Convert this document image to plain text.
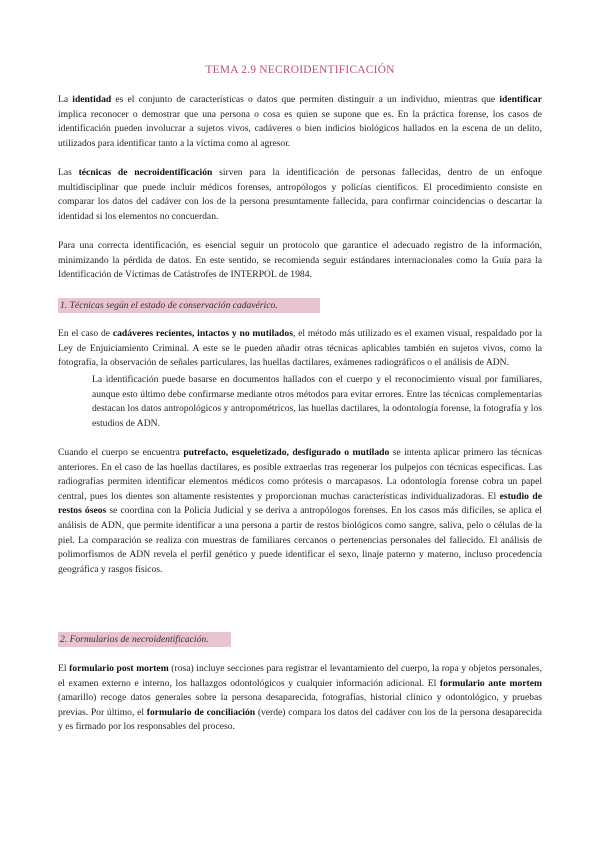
TEMA 2.9 NECROIDENTIFICACIÓN

La identidad es el conjunto de características o datos que permiten distinguir a un individuo, mientras que identificar implica reconocer o demostrar que una persona o cosa es quien se supone que es. En la práctica forense, los casos de identificación pueden involucrar a sujetos vivos, cadáveres o bien indicios biológicos hallados en la escena de un delito, utilizados para identificar tanto a la víctima como al agresor.

Las técnicas de necroidentificación sirven para la identificación de personas fallecidas, dentro de un enfoque multidisciplinar que puede incluir médicos forenses, antropólogos y policías científicos. El procedimiento consiste en comparar los datos del cadáver con los de la persona presuntamente fallecida, para confirmar coincidencias o descartar la identidad si los elementos no concuerdan.

Para una correcta identificación, es esencial seguir un protocolo que garantice el adecuado registro de la información, minimizando la pérdida de datos. En este sentido, se recomienda seguir estándares internacionales como la Guía para la Identificación de Víctimas de Catástrofes de INTERPOL de 1984.

1. Técnicas según el estado de conservación cadavérico.

En el caso de cadáveres recientes, intactos y no mutilados, el método más utilizado es el examen visual, respaldado por la Ley de Enjuiciamiento Criminal. A este se le pueden añadir otras técnicas aplicables también en sujetos vivos, como la fotografía, la observación de señales particulares, las huellas dactilares, exámenes radiográficos o el análisis de ADN.

La identificación puede basarse en documentos hallados con el cuerpo y el reconocimiento visual por familiares, aunque esto último debe confirmarse mediante otros métodos para evitar errores. Entre las técnicas complementarias destacan los datos antropológicos y antropométricos, las huellas dactilares, la odontología forense, la fotografía y los estudios de ADN.

Cuando el cuerpo se encuentra putrefacto, esqueletizado, desfigurado o mutilado se intenta aplicar primero las técnicas anteriores. En el caso de las huellas dactilares, es posible extraerlas tras regenerar los pulpejos con técnicas específicas. Las radiografías permiten identificar elementos médicos como prótesis o marcapasos. La odontología forense cobra un papel central, pues los dientes son altamente resistentes y proporcionan muchas características individualizadoras. El estudio de restos óseos se coordina con la Policía Judicial y se deriva a antropólogos forenses. En los casos más difíciles, se aplica el análisis de ADN, que permite identificar a una persona a partir de restos biológicos como sangre, saliva, pelo o células de la piel. La comparación se realiza con muestras de familiares cercanos o pertenencias personales del fallecido. El análisis de polimorfismos de ADN revela el perfil genético y puede identificar el sexo, linaje paterno y materno, incluso procedencia geográfica y rasgos físicos.

2. Formularios de necroidentificación.

El formulario post mortem (rosa) incluye secciones para registrar el levantamiento del cuerpo, la ropa y objetos personales, el examen externo e interno, los hallazgos odontológicos y cualquier información adicional. El formulario ante mortem (amarillo) recoge datos generales sobre la persona desaparecida, fotografías, historial clínico y odontológico, y pruebas previas. Por último, el formulario de conciliación (verde) compara los datos del cadáver con los de la persona desaparecida y es firmado por los responsables del proceso.
